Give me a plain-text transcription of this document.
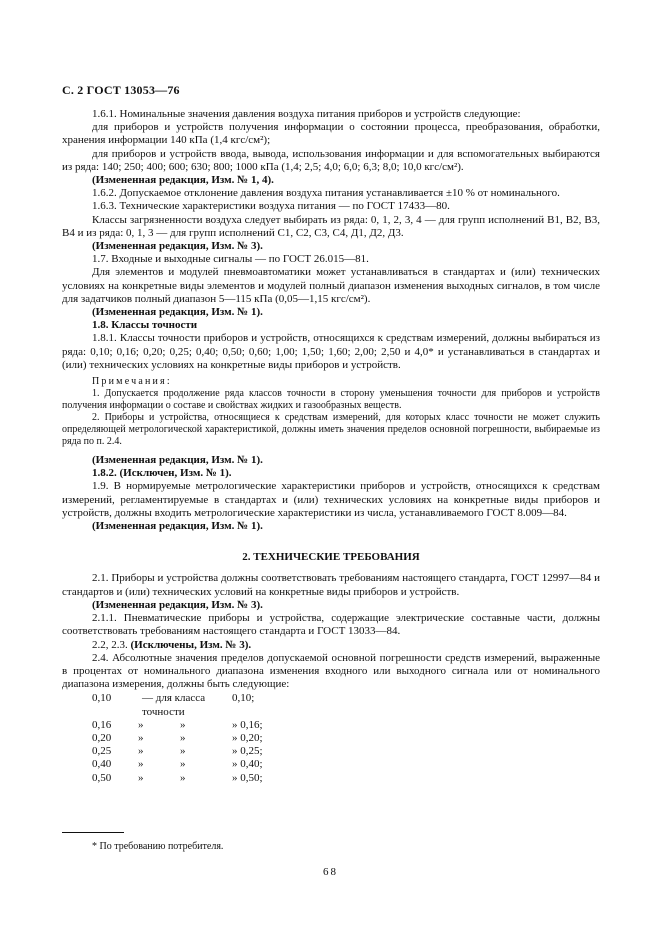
С. 2 ГОСТ 13053—76

1.6.1. Номинальные значения давления воздуха питания приборов и устройств следующие:

для приборов и устройств получения информации о состоянии процесса, преобразования, обработки, хранения информации 140 кПа (1,4 кгс/см²);

для приборов и устройств ввода, вывода, использования информации и для вспомогательных выбираются из ряда: 140; 250; 400; 600; 630; 800; 1000 кПа (1,4; 2,5; 4,0; 6,0; 6,3; 8,0; 10,0 кгс/см²).

(Измененная редакция, Изм. № 1, 4).

1.6.2. Допускаемое отклонение давления воздуха питания устанавливается ±10 % от номинального.

1.6.3. Технические характеристики воздуха питания — по ГОСТ 17433—80.

Классы загрязненности воздуха следует выбирать из ряда: 0, 1, 2, 3, 4 — для групп исполнений В1, В2, В3, В4 и из ряда: 0, 1, 3 — для групп исполнений С1, С2, С3, С4, Д1, Д2, Д3.

(Измененная редакция, Изм. № 3).

1.7. Входные и выходные сигналы — по ГОСТ 26.015—81.

Для элементов и модулей пневмоавтоматики может устанавливаться в стандартах и (или) технических условиях на конкретные виды элементов и модулей полный диапазон изменения выходных сигналов, в том числе для задатчиков полный диапазон 5—115 кПа (0,05—1,15 кгс/см²).

(Измененная редакция, Изм. № 1).

1.8. Классы точности

1.8.1. Классы точности приборов и устройств, относящихся к средствам измерений, должны выбираться из ряда: 0,10; 0,16; 0,20; 0,25; 0,40; 0,50; 0,60; 1,00; 1,50; 1,60; 2,00; 2,50 и 4,0* и устанавливаться в стандартах и (или) технических условиях на конкретные виды приборов и устройств.

Примечания:

1. Допускается продолжение ряда классов точности в сторону уменьшения точности для приборов и устройств получения информации о составе и свойствах жидких и газообразных веществ.

2. Приборы и устройства, относящиеся к средствам измерений, для которых класс точности не может служить определяющей метрологической характеристикой, должны иметь значения пределов основной погрешности, выбираемые из ряда по п. 2.4.

(Измененная редакция, Изм. № 1).

1.8.2. (Исключен, Изм. № 1).

1.9. В нормируемые метрологические характеристики приборов и устройств, относящихся к средствам измерений, регламентируемые в стандартах и (или) технических условиях на конкретные виды приборов и устройств, должны входить метрологические характеристики из числа, устанавливаемого ГОСТ 8.009—84.

(Измененная редакция, Изм. № 1).

2. ТЕХНИЧЕСКИЕ ТРЕБОВАНИЯ

2.1. Приборы и устройства должны соответствовать требованиям настоящего стандарта, ГОСТ 12997—84 и стандартов и (или) технических условий на конкретные виды приборов и устройств.

(Измененная редакция, Изм. № 3).

2.1.1. Пневматические приборы и устройства, содержащие электрические составные части, должны соответствовать требованиям настоящего стандарта и ГОСТ 13033—84.

2.2, 2.3. (Исключены, Изм. № 3).

2.4. Абсолютные значения пределов допускаемой основной погрешности средств измерений, выраженные в процентах от номинального диапазона изменения входного или выходного сигнала или от номинального диапазона измерения, должны быть следующие:

0,10	— для класса точности		0,10;
0,16	»	»	» 0,16;
0,20	»	»	» 0,20;
0,25	»	»	» 0,25;
0,40	»	»	» 0,40;
0,50	»	»	» 0,50;
* По требованию потребителя.
68
